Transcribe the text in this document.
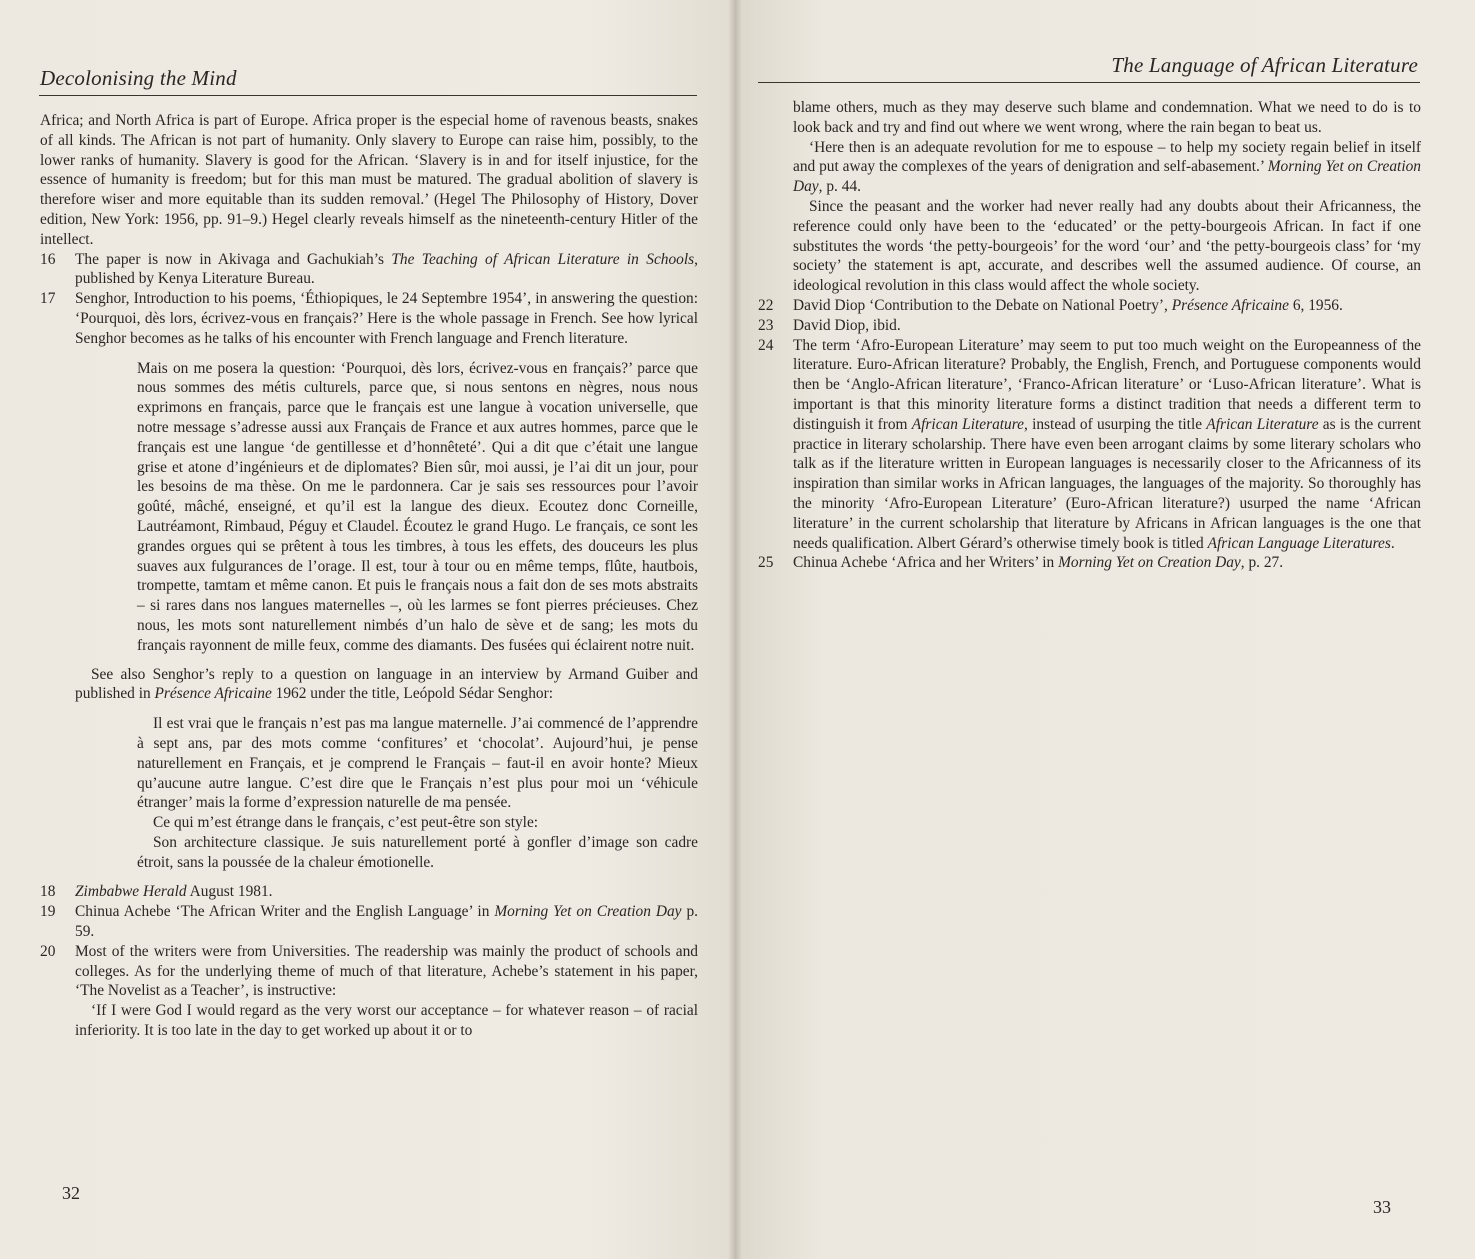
Decolonising the Mind

Africa; and North Africa is part of Europe. Africa proper is the especial home of ravenous beasts, snakes of all kinds. The African is not part of humanity. Only slavery to Europe can raise him, possibly, to the lower ranks of humanity. Slavery is good for the African. ‘Slavery is in and for itself injustice, for the essence of humanity is freedom; but for this man must be matured. The gradual abolition of slavery is therefore wiser and more equitable than its sudden removal.’ (Hegel The Philosophy of History, Dover edition, New York: 1956, pp. 91–9.) Hegel clearly reveals himself as the nineteenth-century Hitler of the intellect.

16 The paper is now in Akivaga and Gachukiah’s The Teaching of African Literature in Schools, published by Kenya Literature Bureau.
17 Senghor, Introduction to his poems, ‘Éthiopiques, le 24 Septembre 1954’, in answering the question: ‘Pourquoi, dès lors, écrivez-vous en français?’ Here is the whole passage in French. See how lyrical Senghor becomes as he talks of his encounter with French language and French literature.

Mais on me posera la question: ‘Pourquoi, dès lors, écrivez-vous en français?’ parce que nous sommes des métis culturels, parce que, si nous sentons en nègres, nous nous exprimons en français, parce que le français est une langue à vocation universelle, que notre message s’adresse aussi aux Français de France et aux autres hommes, parce que le français est une langue ‘de gentillesse et d’honnêteté’. Qui a dit que c’était une langue grise et atone d’ingénieurs et de diplomates? Bien sûr, moi aussi, je l’ai dit un jour, pour les besoins de ma thèse. On me le pardonnera. Car je sais ses ressources pour l’avoir goûté, mâché, enseigné, et qu’il est la langue des dieux. Ecoutez donc Corneille, Lautréamont, Rimbaud, Péguy et Claudel. Écoutez le grand Hugo. Le français, ce sont les grandes orgues qui se prêtent à tous les timbres, à tous les effets, des douceurs les plus suaves aux fulgurances de l’orage. Il est, tour à tour ou en même temps, flûte, hautbois, trompette, tamtam et même canon. Et puis le français nous a fait don de ses mots abstraits – si rares dans nos langues maternelles –, où les larmes se font pierres précieuses. Chez nous, les mots sont naturellement nimbés d’un halo de sève et de sang; les mots du français rayonnent de mille feux, comme des diamants. Des fusées qui éclairent notre nuit.

See also Senghor’s reply to a question on language in an interview by Armand Guiber and published in Présence Africaine 1962 under the title, Leópold Sédar Senghor:

Il est vrai que le français n’est pas ma langue maternelle. J’ai commencé de l’apprendre à sept ans, par des mots comme ‘confitures’ et ‘chocolat’. Aujourd’hui, je pense naturellement en Français, et je comprend le Français – faut-il en avoir honte? Mieux qu’aucune autre langue. C’est dire que le Français n’est plus pour moi un ‘véhicule étranger’ mais la forme d’expression naturelle de ma pensée.

Ce qui m’est étrange dans le français, c’est peut-être son style:

Son architecture classique. Je suis naturellement porté à gonfler d’image son cadre étroit, sans la poussée de la chaleur émotionelle.

18 Zimbabwe Herald August 1981.
19 Chinua Achebe ‘The African Writer and the English Language’ in Morning Yet on Creation Day p. 59.
20 Most of the writers were from Universities. The readership was mainly the product of schools and colleges. As for the underlying theme of much of that literature, Achebe’s statement in his paper, ‘The Novelist as a Teacher’, is instructive:

‘If I were God I would regard as the very worst our acceptance – for whatever reason – of racial inferiority. It is too late in the day to get worked up about it or to

32
The Language of African Literature

blame others, much as they may deserve such blame and condemnation. What we need to do is to look back and try and find out where we went wrong, where the rain began to beat us.

‘Here then is an adequate revolution for me to espouse – to help my society regain belief in itself and put away the complexes of the years of denigration and self-abasement.’ Morning Yet on Creation Day, p. 44.

Since the peasant and the worker had never really had any doubts about their Africanness, the reference could only have been to the ‘educated’ or the petty-bourgeois African. In fact if one substitutes the words ‘the petty-bourgeois’ for the word ‘our’ and ‘the petty-bourgeois class’ for ‘my society’ the statement is apt, accurate, and describes well the assumed audience. Of course, an ideological revolution in this class would affect the whole society.

22 David Diop ‘Contribution to the Debate on National Poetry’, Présence Africaine 6, 1956.
23 David Diop, ibid.
24 The term ‘Afro-European Literature’ may seem to put too much weight on the Europeanness of the literature. Euro-African literature? Probably, the English, French, and Portuguese components would then be ‘Anglo-African literature’, ‘Franco-African literature’ or ‘Luso-African literature’. What is important is that this minority literature forms a distinct tradition that needs a different term to distinguish it from African Literature, instead of usurping the title African Literature as is the current practice in literary scholarship. There have even been arrogant claims by some literary scholars who talk as if the literature written in European languages is necessarily closer to the Africanness of its inspiration than similar works in African languages, the languages of the majority. So thoroughly has the minority ‘Afro-European Literature’ (Euro-African literature?) usurped the name ‘African literature’ in the current scholarship that literature by Africans in African languages is the one that needs qualification. Albert Gérard’s otherwise timely book is titled African Language Literatures.
25 Chinua Achebe ‘Africa and her Writers’ in Morning Yet on Creation Day, p. 27.
33
